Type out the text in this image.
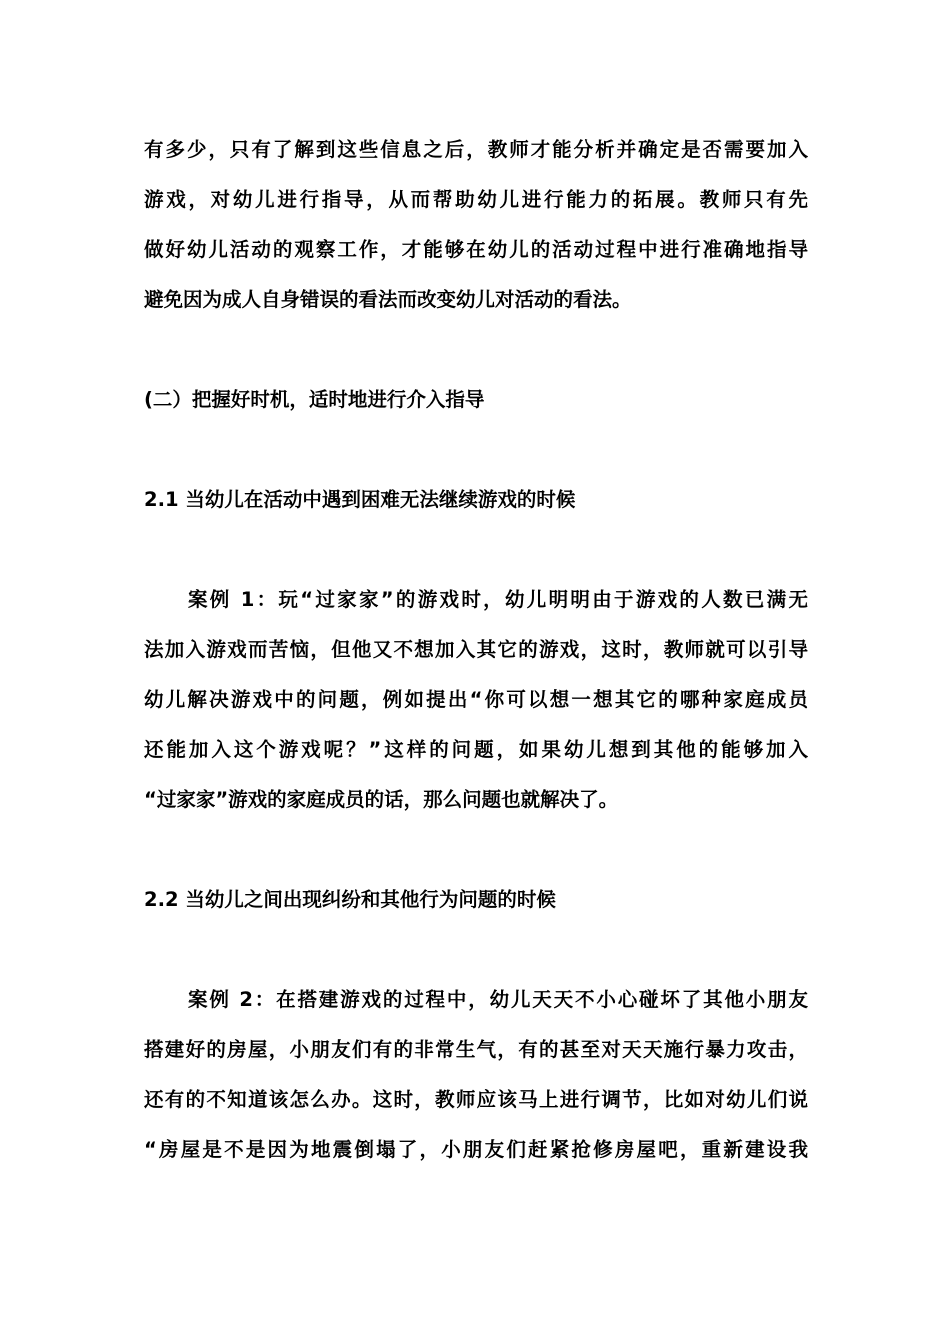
有多少，只有了解到这些信息之后，教师才能分析并确定是否需要加入
游戏，对幼儿进行指导，从而帮助幼儿进行能力的拓展。教师只有先
做好幼儿活动的观察工作，才能够在幼儿的活动过程中进行准确地指导
避免因为成人自身错误的看法而改变幼儿对活动的看法。
(二）把握好时机，适时地进行介入指导
2.1 当幼儿在活动中遇到困难无法继续游戏的时候
案例 1：玩“过家家”的游戏时，幼儿明明由于游戏的人数已满无
法加入游戏而苦恼，但他又不想加入其它的游戏，这时，教师就可以引导
幼儿解决游戏中的问题，例如提出“你可以想一想其它的哪种家庭成员
还能加入这个游戏呢？”这样的问题，如果幼儿想到其他的能够加入
“过家家”游戏的家庭成员的话，那么问题也就解决了。
2.2 当幼儿之间出现纠纷和其他行为问题的时候
案例 2：在搭建游戏的过程中，幼儿天天不小心碰坏了其他小朋友
搭建好的房屋，小朋友们有的非常生气，有的甚至对天天施行暴力攻击，
还有的不知道该怎么办。这时，教师应该马上进行调节，比如对幼儿们说
“房屋是不是因为地震倒塌了，小朋友们赶紧抢修房屋吧，重新建设我
